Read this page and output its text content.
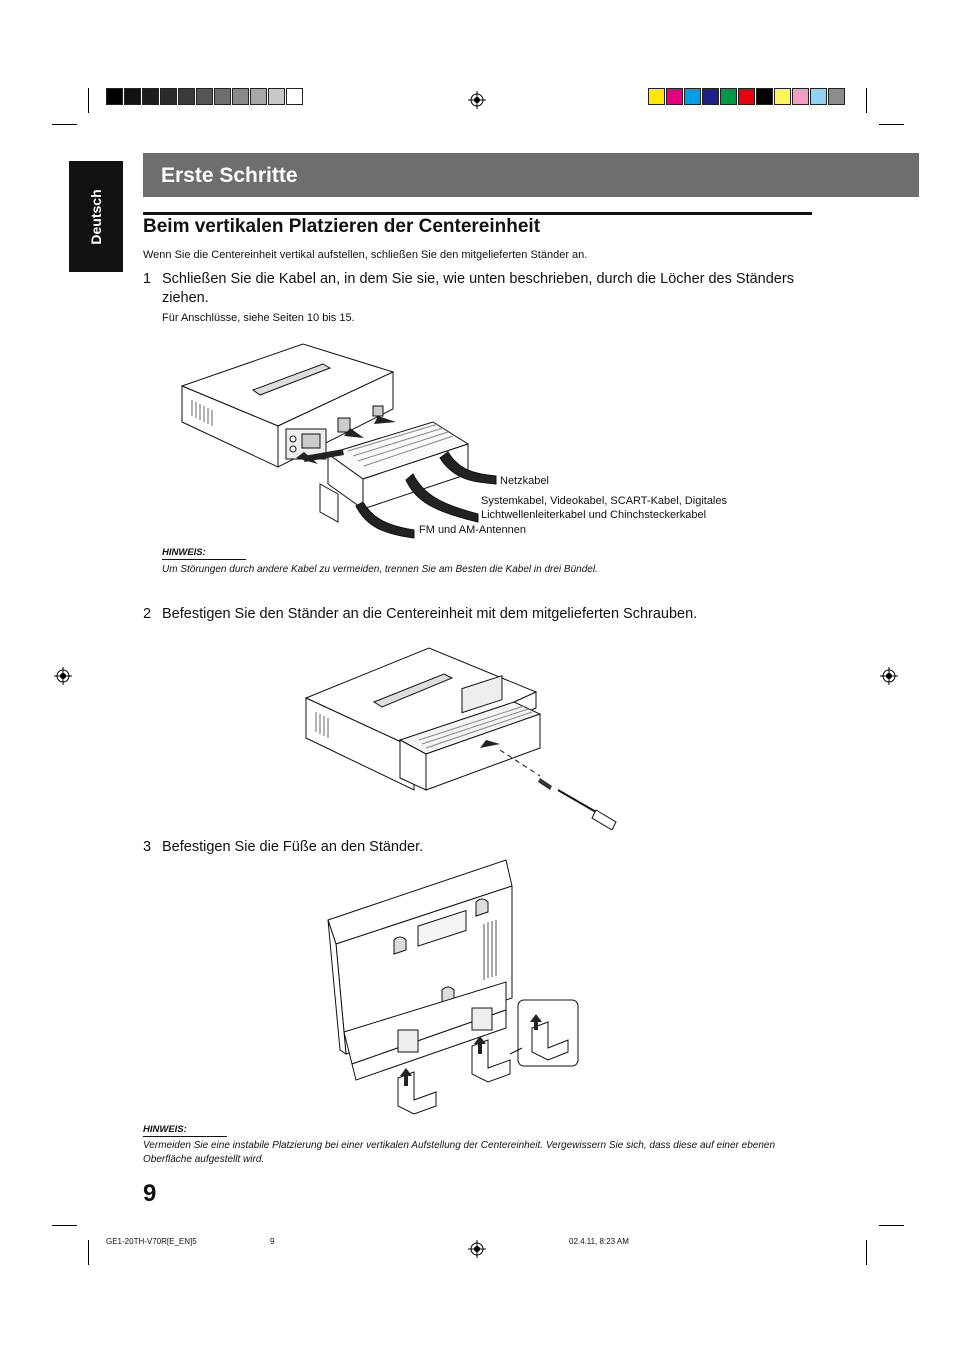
Deutsch
Erste Schritte
Beim vertikalen Platzieren der Centereinheit
Wenn Sie die Centereinheit vertikal aufstellen, schließen Sie den mitgelieferten Ständer an.
1 Schließen Sie die Kabel an, in dem Sie sie, wie unten beschrieben, durch die Löcher des Ständers
ziehen.
Für Anschlüsse, siehe Seiten 10 bis 15.
Netzkabel
Systemkabel, Videokabel, SCART-Kabel, Digitales
Lichtwellenleiterkabel und Chinchsteckerkabel
FM und AM-Antennen
HINWEIS:
Um Störungen durch andere Kabel zu vermeiden, trennen Sie am Besten die Kabel in drei Bündel.
2 Befestigen Sie den Ständer an die Centereinheit mit dem mitgelieferten Schrauben.
3 Befestigen Sie die Füße an den Ständer.
HINWEIS:
Vermeiden Sie eine instabile Platzierung bei einer vertikalen Aufstellung der Centereinheit. Vergewissern Sie sich, dass diese auf einer ebenen
Oberfläche aufgestellt wird.
9
GE1-20TH-V70R[E_EN]5	9	02.4.11, 8:23 AM
